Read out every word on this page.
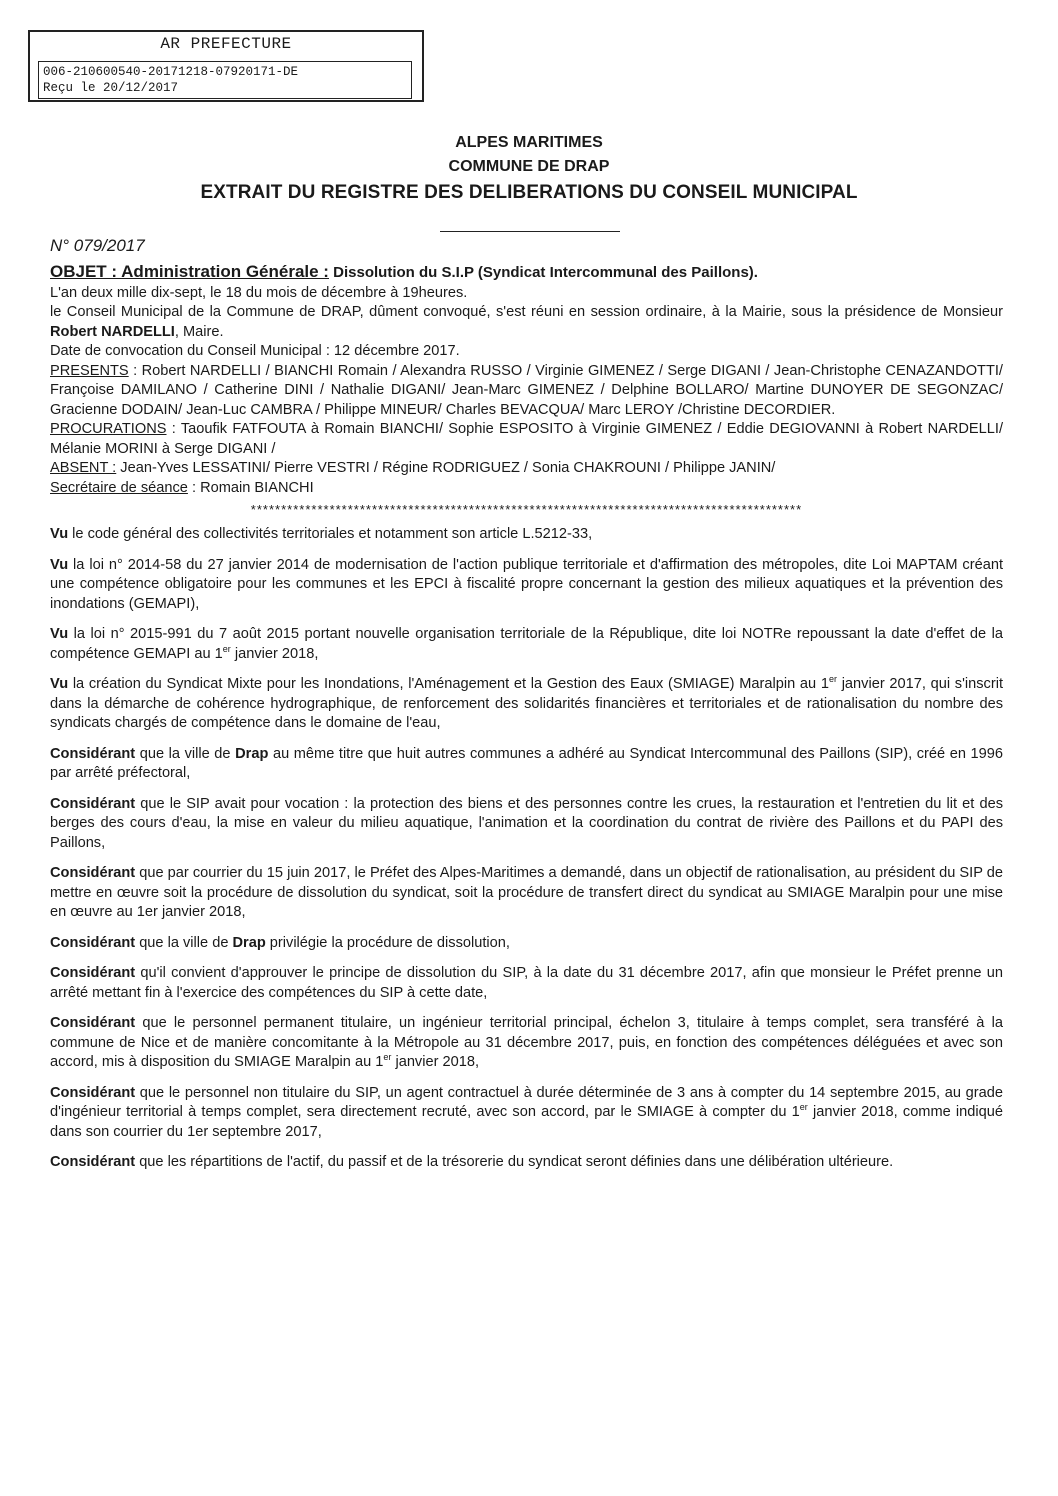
AR PREFECTURE
006-210600540-20171218-07920171-DE
Reçu le 20/12/2017
ALPES MARITIMES
COMMUNE DE DRAP
EXTRAIT DU REGISTRE DES DELIBERATIONS DU CONSEIL MUNICIPAL
N° 079/2017

OBJET : Administration Générale : Dissolution du S.I.P (Syndicat Intercommunal des Paillons).

L'an deux mille dix-sept, le 18 du mois de décembre à 19heures.

le Conseil Municipal de la Commune de DRAP, dûment convoqué, s'est réuni en session ordinaire, à la Mairie, sous la présidence de Monsieur Robert NARDELLI, Maire.

Date de convocation du Conseil Municipal : 12 décembre 2017.

PRESENTS : Robert NARDELLI / BIANCHI Romain / Alexandra RUSSO / Virginie GIMENEZ / Serge DIGANI / Jean-Christophe CENAZANDOTTI/ Françoise DAMILANO / Catherine DINI / Nathalie DIGANI/ Jean-Marc GIMENEZ / Delphine BOLLARO/ Martine DUNOYER DE SEGONZAC/ Gracienne DODAIN/ Jean-Luc CAMBRA / Philippe MINEUR/ Charles BEVACQUA/ Marc LEROY /Christine DECORDIER.

PROCURATIONS : Taoufik FATFOUTA à Romain BIANCHI/ Sophie ESPOSITO à Virginie GIMENEZ / Eddie DEGIOVANNI à Robert NARDELLI/ Mélanie MORINI à Serge DIGANI /

ABSENT : Jean-Yves LESSATINI/ Pierre VESTRI / Régine RODRIGUEZ / Sonia CHAKROUNI / Philippe JANIN/

Secrétaire de séance : Romain BIANCHI

*******************************************************************************************

Vu le code général des collectivités territoriales et notamment son article L.5212-33,

Vu la loi n° 2014-58 du 27 janvier 2014 de modernisation de l'action publique territoriale et d'affirmation des métropoles, dite Loi MAPTAM créant une compétence obligatoire pour les communes et les EPCI à fiscalité propre concernant la gestion des milieux aquatiques et la prévention des inondations (GEMAPI),

Vu la loi n° 2015-991 du 7 août 2015 portant nouvelle organisation territoriale de la République, dite loi NOTRe repoussant la date d'effet de la compétence GEMAPI au 1er janvier 2018,

Vu la création du Syndicat Mixte pour les Inondations, l'Aménagement et la Gestion des Eaux (SMIAGE) Maralpin au 1er janvier 2017, qui s'inscrit dans la démarche de cohérence hydrographique, de renforcement des solidarités financières et territoriales et de rationalisation du nombre des syndicats chargés de compétence dans le domaine de l'eau,

Considérant que la ville de Drap au même titre que huit autres communes a adhéré au Syndicat Intercommunal des Paillons (SIP), créé en 1996 par arrêté préfectoral,

Considérant que le SIP avait pour vocation : la protection des biens et des personnes contre les crues, la restauration et l'entretien du lit et des berges des cours d'eau, la mise en valeur du milieu aquatique, l'animation et la coordination du contrat de rivière des Paillons et du PAPI des Paillons,

Considérant que par courrier du 15 juin 2017, le Préfet des Alpes-Maritimes a demandé, dans un objectif de rationalisation, au président du SIP de mettre en œuvre soit la procédure de dissolution du syndicat, soit la procédure de transfert direct du syndicat au SMIAGE Maralpin pour une mise en œuvre au 1er janvier 2018,

Considérant que la ville de Drap privilégie la procédure de dissolution,

Considérant qu'il convient d'approuver le principe de dissolution du SIP, à la date du 31 décembre 2017, afin que monsieur le Préfet prenne un arrêté mettant fin à l'exercice des compétences du SIP à cette date,

Considérant que le personnel permanent titulaire, un ingénieur territorial principal, échelon 3, titulaire à temps complet, sera transféré à la commune de Nice et de manière concomitante à la Métropole au 31 décembre 2017, puis, en fonction des compétences déléguées et avec son accord, mis à disposition du SMIAGE Maralpin au 1er janvier 2018,

Considérant que le personnel non titulaire du SIP, un agent contractuel à durée déterminée de 3 ans à compter du 14 septembre 2015, au grade d'ingénieur territorial à temps complet, sera directement recruté, avec son accord, par le SMIAGE à compter du 1er janvier 2018, comme indiqué dans son courrier du 1er septembre 2017,

Considérant que les répartitions de l'actif, du passif et de la trésorerie du syndicat seront définies dans une délibération ultérieure.
